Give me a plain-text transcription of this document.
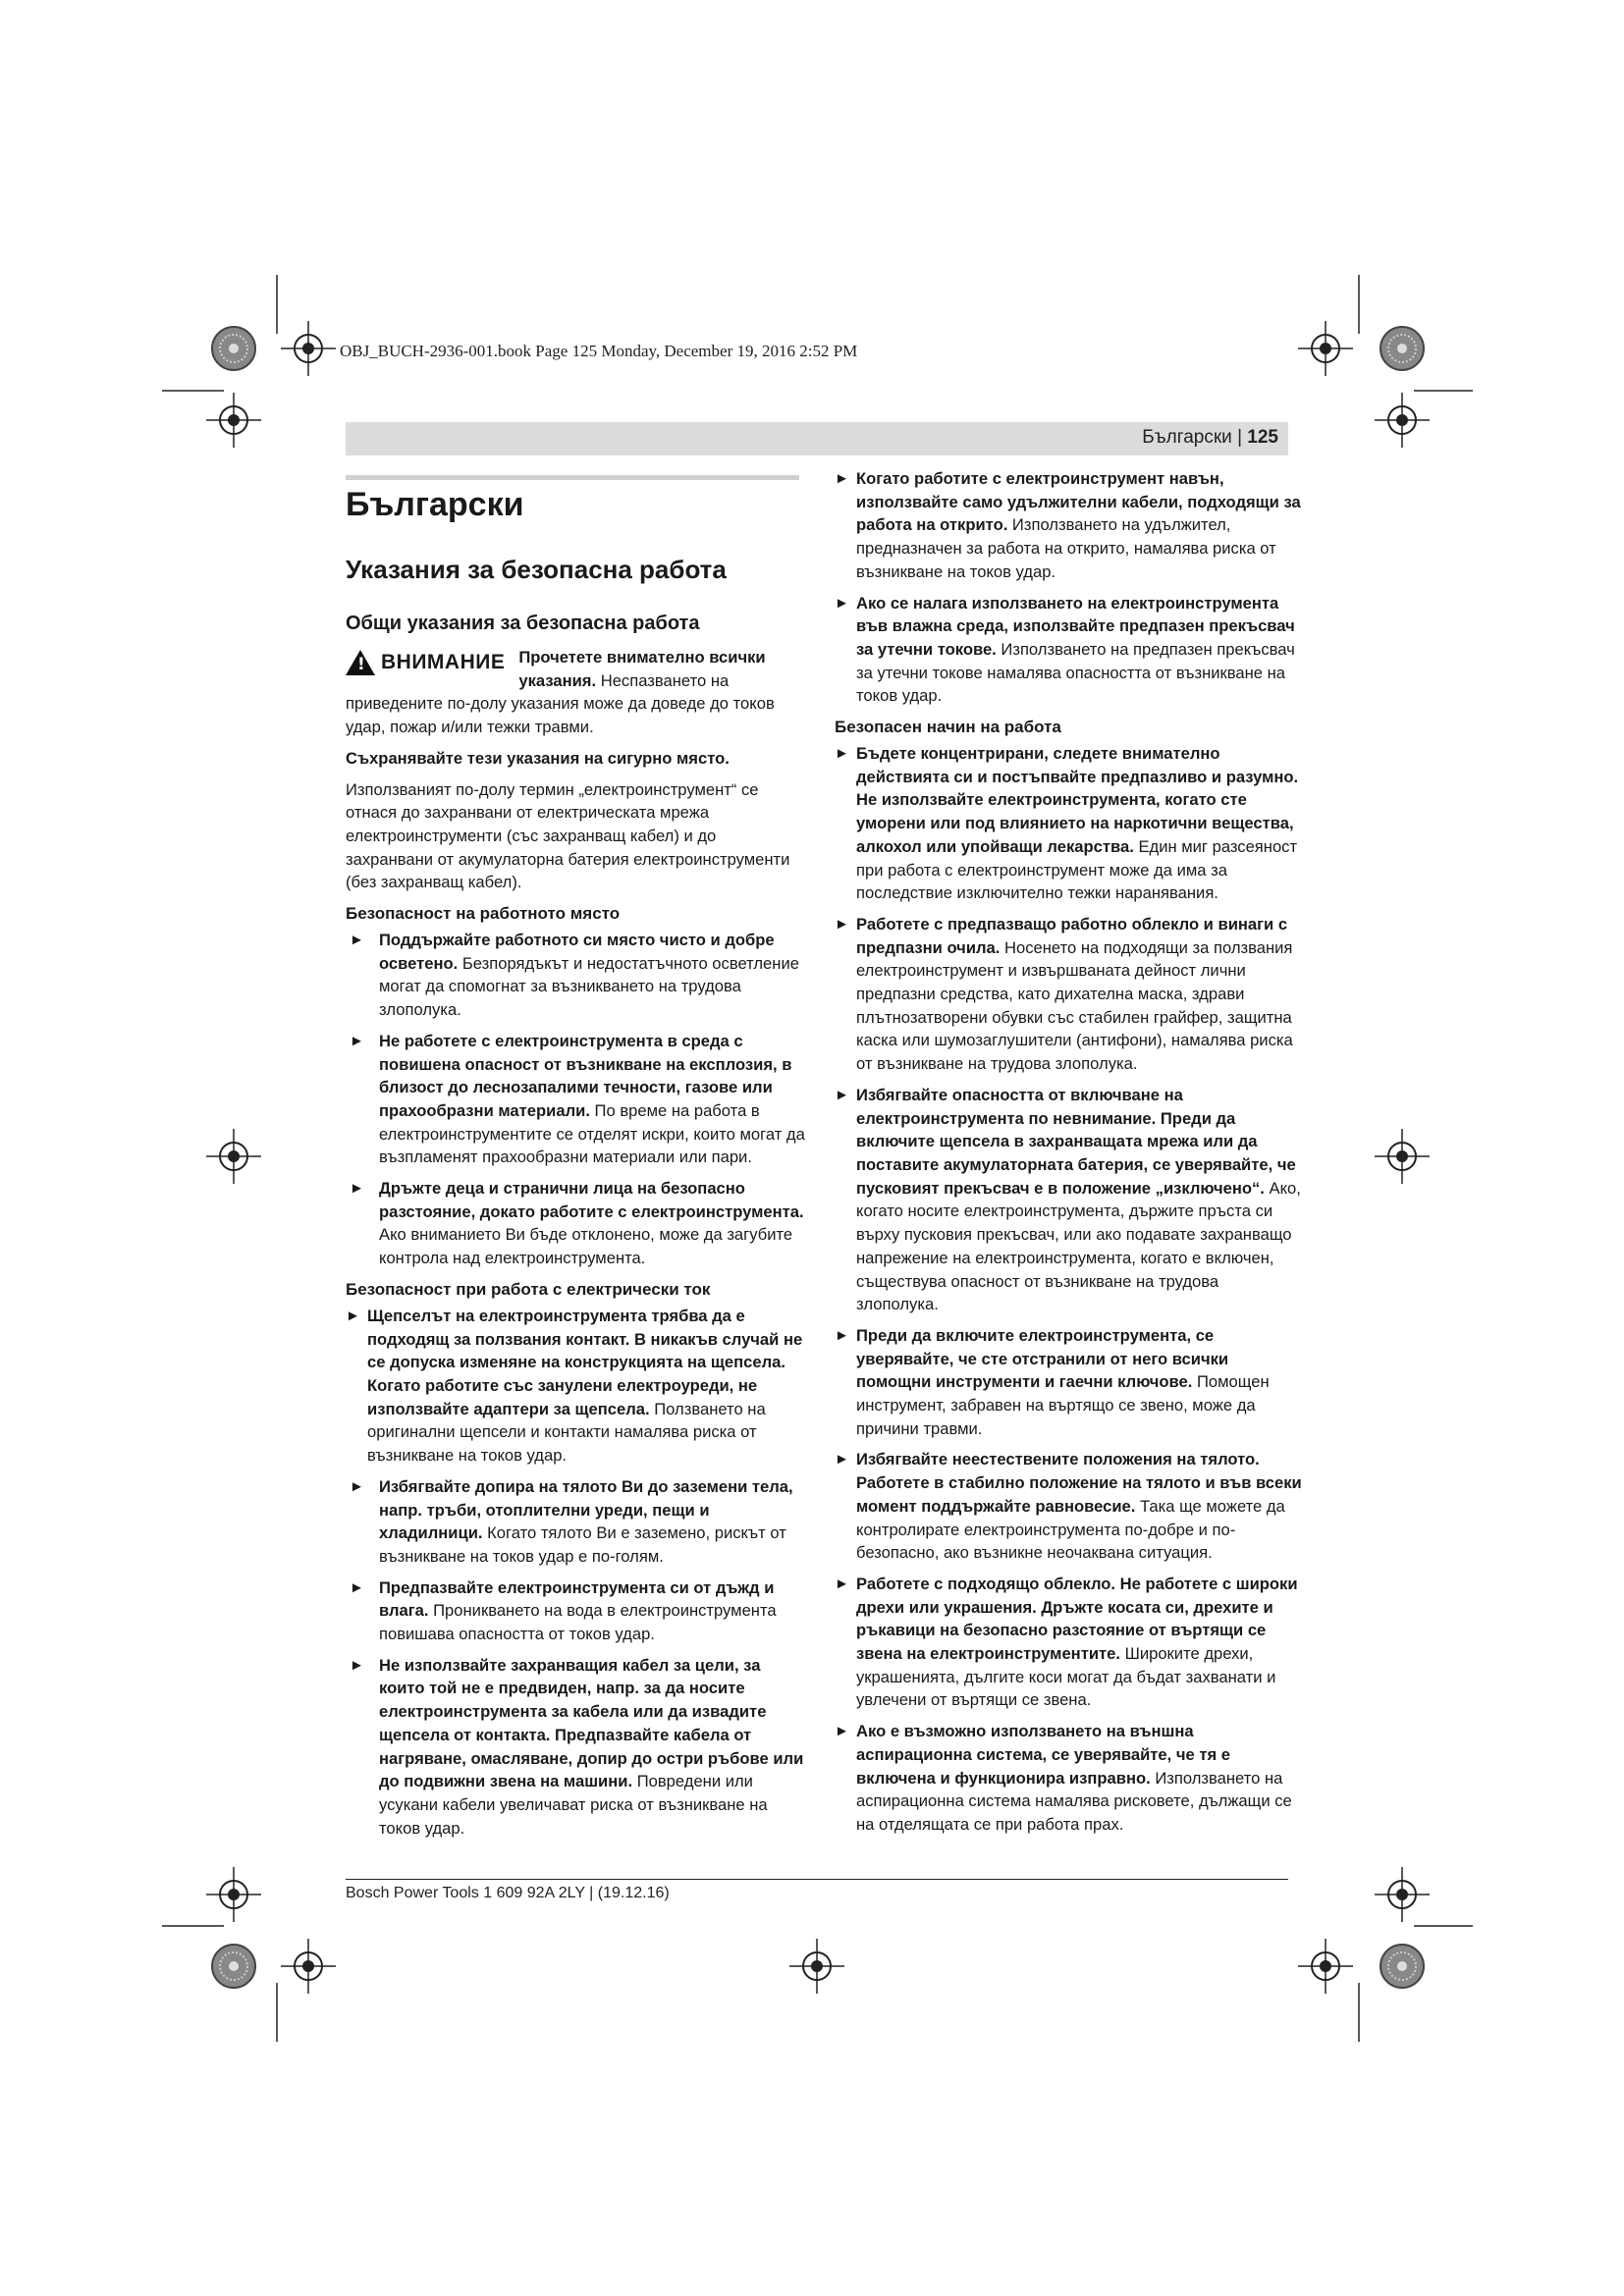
OBJ_BUCH-2936-001.book Page 125 Monday, December 19, 2016 2:52 PM
Български | 125
Български
Указания за безопасна работа
Общи указания за безопасна работа
! ВНИМАНИЕ Прочетете внимателно всички указания. Неспазването на приведените по-долу указания може да доведе до токов удар, пожар и/или тежки травми.

Съхранявайте тези указания на сигурно място.

Използваният по-долу термин „електроинструмент“ се отнася до захранвани от електрическата мрежа електроинструменти (със захранващ кабел) и до захранвани от акумулаторна батерия електроинструменти (без захранващ кабел).

Безопасност на работното място
► Поддържайте работното си място чисто и добре осветено. Безпорядъкът и недостатъчното осветление могат да спомогнат за възникването на трудова злополука.
► Не работете с електроинструмента в среда с повишена опасност от възникване на експлозия, в близост до леснозапалими течности, газове или прахообразни материали. По време на работа в електроинструментите се отделят искри, които могат да възпламенят прахообразни материали или пари.
► Дръжте деца и странични лица на безопасно разстояние, докато работите с електроинструмента. Ако вниманието Ви бъде отклонено, може да загубите контрола над електроинструмента.
Безопасност при работа с електрически ток
► Щепселът на електроинструмента трябва да е подходящ за ползвания контакт. В никакъв случай не се допуска изменяне на конструкцията на щепсела. Когато работите със занулени електроуреди, не използвайте адаптери за щепсела. Ползването на оригинални щепсели и контакти намалява риска от възникване на токов удар.
► Избягвайте допира на тялото Ви до заземени тела, напр. тръби, отоплителни уреди, пещи и хладилници. Когато тялото Ви е заземено, рискът от възникване на токов удар е по-голям.
► Предпазвайте електроинструмента си от дъжд и влага. Проникването на вода в електроинструмента повишава опасността от токов удар.
► Не използвайте захранващия кабел за цели, за които той не е предвиден, напр. за да носите електроинструмента за кабела или да извадите щепсела от контакта. Предпазвайте кабела от нагряване, омасляване, допир до остри ръбове или до подвижни звена на машини. Повредени или усукани кабели увеличават риска от възникване на токов удар.
► Когато работите с електроинструмент навън, използвайте само удължителни кабели, подходящи за работа на открито. Използването на удължител, предназначен за работа на открито, намалява риска от възникване на токов удар.
► Ако се налага използването на електроинструмента във влажна среда, използвайте предпазен прекъсвач за утечни токове. Използването на предпазен прекъсвач за утечни токове намалява опасността от възникване на токов удар.
Безопасен начин на работа
► Бъдете концентрирани, следете внимателно действията си и постъпвайте предпазливо и разумно. Не използвайте електроинструмента, когато сте уморени или под влиянието на наркотични вещества, алкохол или упойващи лекарства. Един миг разсеяност при работа с електроинструмент може да има за последствие изключително тежки наранявания.
► Работете с предпазващо работно облекло и винаги с предпазни очила. Носенето на подходящи за ползвания електроинструмент и извършваната дейност лични предпазни средства, като дихателна маска, здрави плътнозатворени обувки със стабилен грайфер, защитна каска или шумозаглушители (антифони), намалява риска от възникване на трудова злополука.
► Избягвайте опасността от включване на електроинструмента по невнимание. Преди да включите щепсела в захранващата мрежа или да поставите акумулаторната батерия, се уверявайте, че пусковият прекъсвач е в положение „изключено“. Ако, когато носите електроинструмента, държите пръста си върху пусковия прекъсвач, или ако подавате захранващо напрежение на електроинструмента, когато е включен, съществува опасност от възникване на трудова злополука.
► Преди да включите електроинструмента, се уверявайте, че сте отстранили от него всички помощни инструменти и гаечни ключове. Помощен инструмент, забравен на въртящо се звено, може да причини травми.
► Избягвайте неестествените положения на тялото. Работете в стабилно положение на тялото и във всеки момент поддържайте равновесие. Така ще можете да контролирате електроинструмента по-добре и по-безопасно, ако възникне неочаквана ситуация.
► Работете с подходящо облекло. Не работете с широки дрехи или украшения. Дръжте косата си, дрехите и ръкавици на безопасно разстояние от въртящи се звена на електроинструментите. Широките дрехи, украшенията, дългите коси могат да бъдат захванати и увлечени от въртящи се звена.
► Ако е възможно използването на външна аспирационна система, се уверявайте, че тя е включена и функционира изправно. Използването на аспирационна система намалява рисковете, дължащи се на отделящата се при работа прах.
Bosch Power Tools 1 609 92A 2LY | (19.12.16)
